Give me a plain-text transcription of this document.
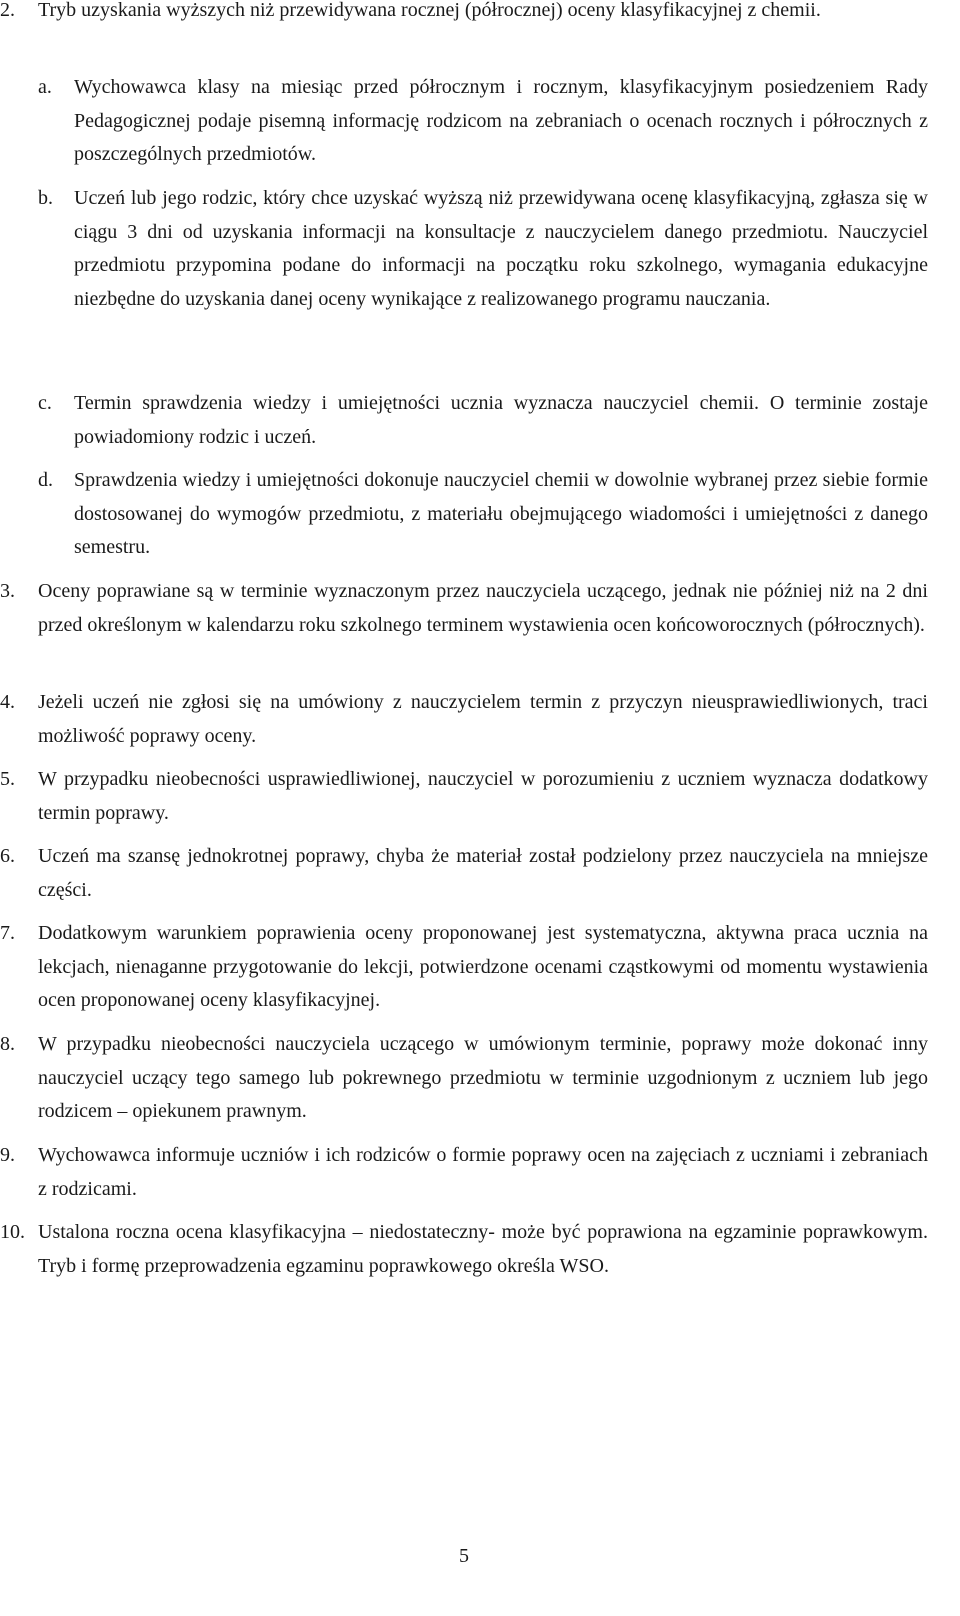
2. Tryb uzyskania wyższych niż przewidywana rocznej (półrocznej) oceny klasyfikacyjnej z chemii.

a. Wychowawca klasy na miesiąc przed półrocznym i rocznym, klasyfikacyjnym posiedzeniem Rady Pedagogicznej podaje pisemną informację rodzicom na zebraniach o ocenach rocznych i półrocznych z poszczególnych przedmiotów.

b. Uczeń lub jego rodzic, który chce uzyskać wyższą niż przewidywana ocenę klasyfikacyjną, zgłasza się w ciągu 3 dni od uzyskania informacji na konsultacje z nauczycielem danego przedmiotu. Nauczyciel przedmiotu przypomina podane do informacji na początku roku szkolnego, wymagania edukacyjne niezbędne do uzyskania danej oceny wynikające z realizowanego programu nauczania.

c. Termin sprawdzenia wiedzy i umiejętności ucznia wyznacza nauczyciel chemii. O terminie zostaje powiadomiony rodzic i uczeń.

d. Sprawdzenia wiedzy i umiejętności dokonuje nauczyciel chemii w dowolnie wybranej przez siebie formie dostosowanej do wymogów przedmiotu, z materiału obejmującego wiadomości i umiejętności z danego semestru.

3. Oceny poprawiane są w terminie wyznaczonym przez nauczyciela uczącego, jednak nie później niż na 2 dni przed określonym w kalendarzu roku szkolnego terminem wystawienia ocen końcoworocznych (półrocznych).

4. Jeżeli uczeń nie zgłosi się na umówiony z nauczycielem termin z przyczyn nieusprawiedliwionych, traci możliwość poprawy oceny.

5. W przypadku nieobecności usprawiedliwionej, nauczyciel w porozumieniu z uczniem wyznacza dodatkowy termin poprawy.

6. Uczeń ma szansę jednokrotnej poprawy, chyba że materiał został podzielony przez nauczyciela na mniejsze części.

7. Dodatkowym warunkiem poprawienia oceny proponowanej jest systematyczna, aktywna praca ucznia na lekcjach, nienaganne przygotowanie do lekcji, potwierdzone ocenami cząstkowymi od momentu wystawienia ocen proponowanej oceny klasyfikacyjnej.

8. W przypadku nieobecności nauczyciela uczącego w umówionym terminie, poprawy może dokonać inny nauczyciel uczący tego samego lub pokrewnego przedmiotu w terminie uzgodnionym z uczniem lub jego rodzicem – opiekunem prawnym.

9. Wychowawca informuje uczniów i ich rodziców o formie poprawy ocen na zajęciach z uczniami i zebraniach z rodzicami.

10. Ustalona roczna ocena klasyfikacyjna – niedostateczny- może być poprawiona na egzaminie poprawkowym. Tryb i formę przeprowadzenia egzaminu poprawkowego określa WSO.

5
